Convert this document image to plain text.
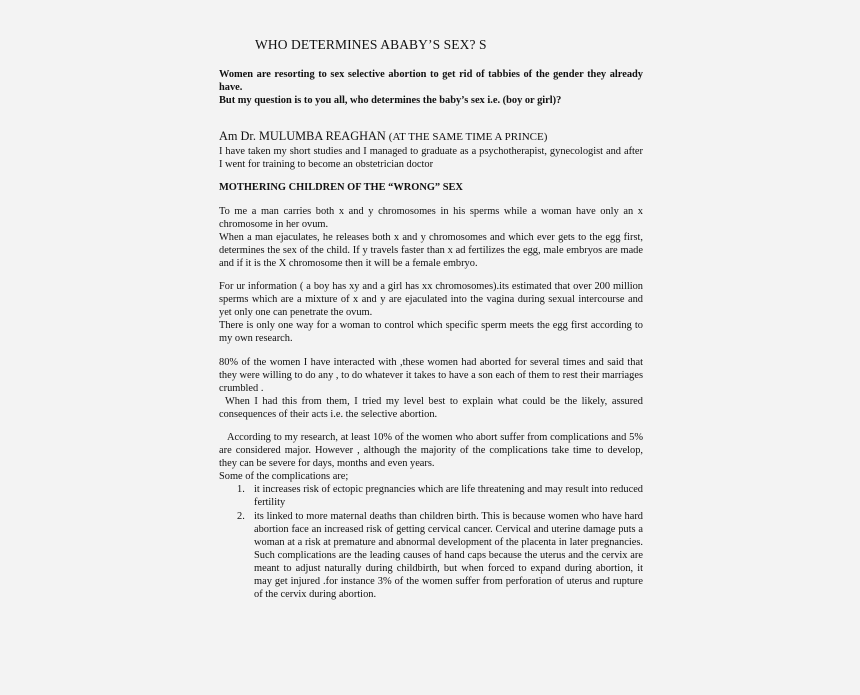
WHO DETERMINES ABABY’S SEX? S

Women are resorting to sex selective abortion to get rid of tabbies of the gender they already have.

But my question is to you all, who determines the baby’s sex i.e. (boy or girl)?

Am Dr. MULUMBA REAGHAN (AT THE SAME TIME A PRINCE)

I have taken my short studies and I managed to graduate as a psychotherapist, gynecologist and after I went for training to become an obstetrician doctor

MOTHERING CHILDREN OF THE “WRONG” SEX

To me a man carries both x and y chromosomes in his sperms while a woman have only an x chromosome in her ovum.

When a man ejaculates, he releases both x and y chromosomes and which ever gets to the egg first, determines the sex of the child. If y travels faster than x ad fertilizes the egg, male embryos are made and if it is the X chromosome then it will be a female embryo.

For ur information ( a boy has xy and a girl has xx chromosomes).its estimated that over 200 million sperms which are a mixture of x and y are ejaculated into the vagina during sexual intercourse and yet only one can penetrate the ovum.

There is only one way for a woman to control which specific sperm meets the egg first according to my own research.

80% of the women I have interacted with ,these women had aborted for several times and said that they were willing to do any , to do whatever it takes to have a son each of them to rest their marriages crumbled .

When I had this from them, I tried my level best to explain what could be the likely, assured consequences of their acts i.e. the selective abortion.

According to my research, at least 10% of the women who abort suffer from complications and 5% are considered major. However , although the majority of the complications take time to develop, they can be severe for days, months and even years.

Some of the complications are;

1. it increases risk of ectopic pregnancies which are life threatening and may result into reduced fertility
2. its linked to more maternal deaths than children birth. This is because women who have hard abortion face an increased risk of getting cervical cancer. Cervical and uterine damage puts a woman at a risk at premature and abnormal development of the placenta in later pregnancies. Such complications are the leading causes of hand caps because the uterus and the cervix are meant to adjust naturally during childbirth, but when forced to expand during abortion, it may get injured .for instance 3% of the women suffer from perforation of uterus and rupture of the cervix during abortion.
